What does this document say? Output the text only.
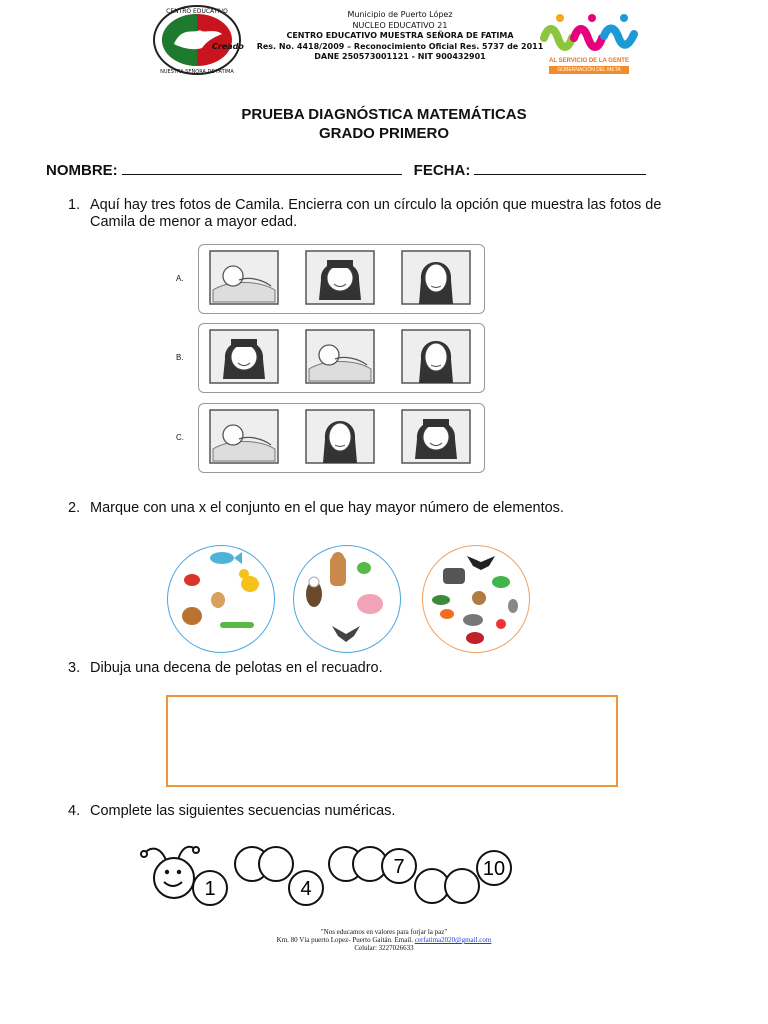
CENTRO EDUCATIVO
NUESTRA SEÑORA DE FATIMA
Municipio de Puerto López
NUCLEO EDUCATIVO 21
CENTRO EDUCATIVO MUESTRA SEÑORA DE FATIMA
Creado Res. No. 4418/2009 – Reconocimiento Oficial Res. 5737 de 2011
DANE 250573001121 - NIT 900432901	AL SERVICIO DE LA GENTE
GOBERNACIÓN DEL META
PRUEBA DIAGNÓSTICA MATEMÁTICAS
GRADO PRIMERO
NOMBRE:	FECHA:
1. Aquí hay tres fotos de Camila. Encierra con un círculo la opción que muestra las fotos de Camila de menor a mayor edad.
A.
B.
C.
2. Marque con una x el conjunto en el que hay mayor número de elementos.
3. Dibuja una decena de pelotas en el recuadro.
4. Complete las siguientes secuencias numéricas.
1	4
7	10
"Nos educamos en valores para forjar la paz"
Km. 80 Vía puerto Lopez- Puerto Gaitán. Email. cerfatima2020@gmail.com
Celular: 3227026633
